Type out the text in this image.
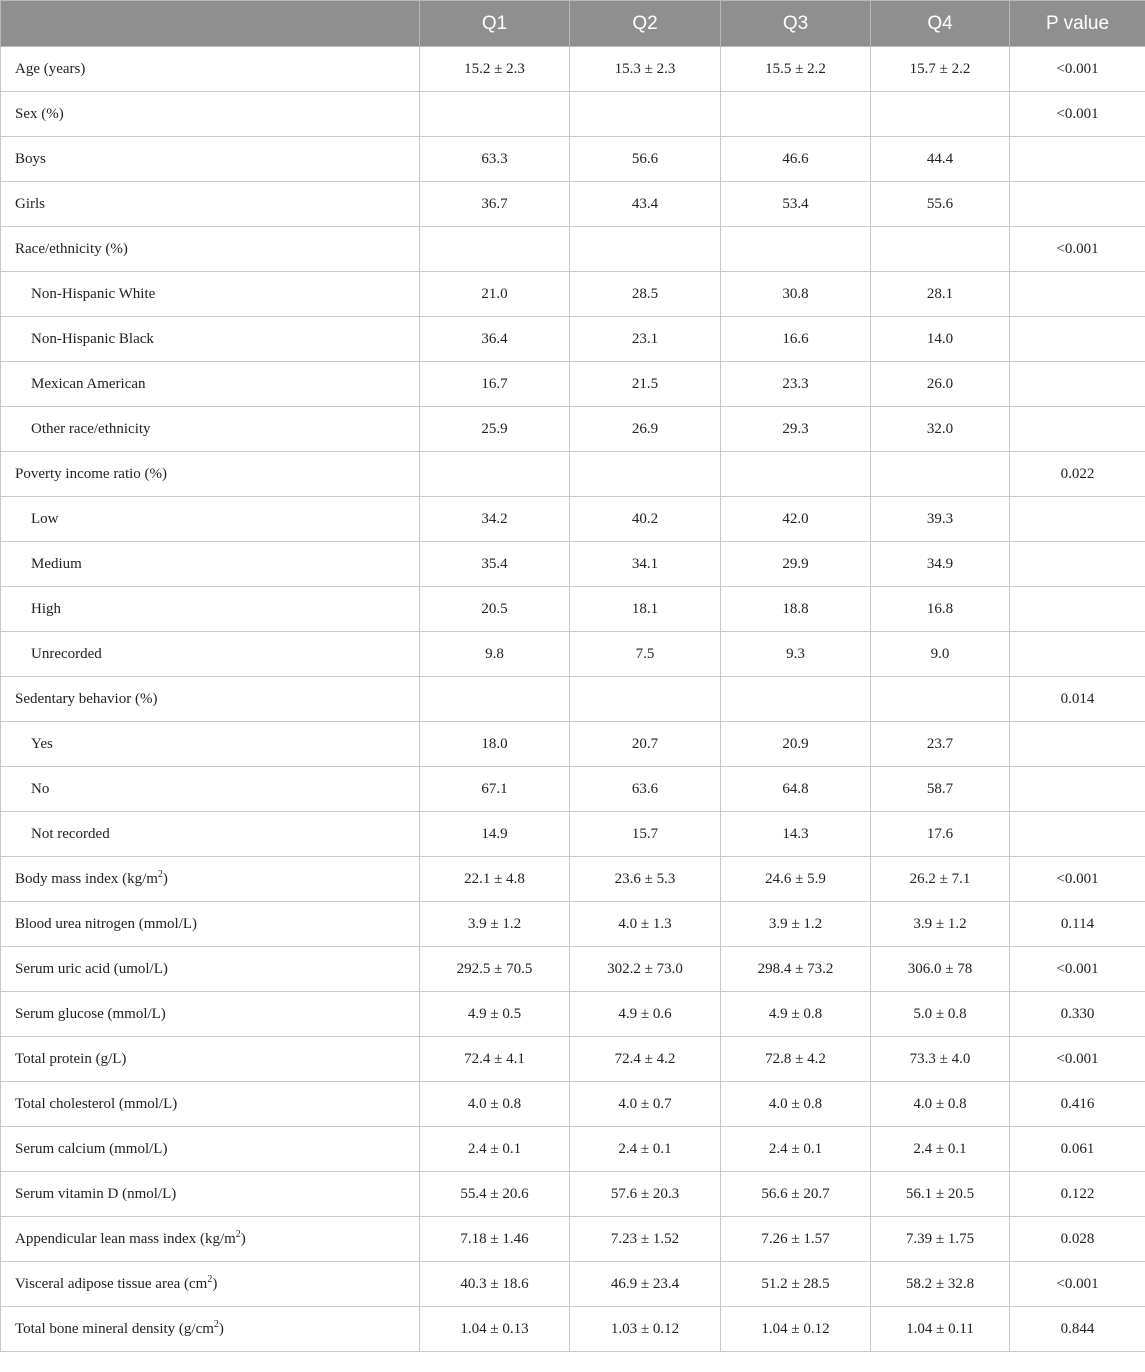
	Q1	Q2	Q3	Q4	P value
Age (years)	15.2 ± 2.3	15.3 ± 2.3	15.5 ± 2.2	15.7 ± 2.2	<0.001
Sex (%)					<0.001
Boys	63.3	56.6	46.6	44.4	
Girls	36.7	43.4	53.4	55.6	
Race/ethnicity (%)					<0.001
Non-Hispanic White	21.0	28.5	30.8	28.1	
Non-Hispanic Black	36.4	23.1	16.6	14.0	
Mexican American	16.7	21.5	23.3	26.0	
Other race/ethnicity	25.9	26.9	29.3	32.0	
Poverty income ratio (%)					0.022
Low	34.2	40.2	42.0	39.3	
Medium	35.4	34.1	29.9	34.9	
High	20.5	18.1	18.8	16.8	
Unrecorded	9.8	7.5	9.3	9.0	
Sedentary behavior (%)					0.014
Yes	18.0	20.7	20.9	23.7	
No	67.1	63.6	64.8	58.7	
Not recorded	14.9	15.7	14.3	17.6	
Body mass index $(kg/m^2)$	22.1 ± 4.8	23.6 ± 5.3	24.6 ± 5.9	26.2 ± 7.1	<0.001
Blood urea nitrogen (mmol/L)	3.9 ± 1.2	4.0 ± 1.3	3.9 ± 1.2	3.9 ± 1.2	0.114
Serum uric acid (umol/L)	292.5 ± 70.5	302.2 ± 73.0	298.4 ± 73.2	306.0 ± 78	<0.001
Serum glucose (mmol/L)	4.9 ± 0.5	4.9 ± 0.6	4.9 ± 0.8	5.0 ± 0.8	0.330
Total protein (g/L)	72.4 ± 4.1	72.4 ± 4.2	72.8 ± 4.2	73.3 ± 4.0	<0.001
Total cholesterol (mmol/L)	4.0 ± 0.8	4.0 ± 0.7	4.0 ± 0.8	4.0 ± 0.8	0.416
Serum calcium (mmol/L)	2.4 ± 0.1	2.4 ± 0.1	2.4 ± 0.1	2.4 ± 0.1	0.061
Serum vitamin D (nmol/L)	55.4 ± 20.6	57.6 ± 20.3	56.6 ± 20.7	56.1 ± 20.5	0.122
Appendicular lean mass index $(kg/m^2)$	7.18 ± 1.46	7.23 ± 1.52	7.26 ± 1.57	7.39 ± 1.75	0.028
Visceral adipose tissue area $(cm^2)$	40.3 ± 18.6	46.9 ± 23.4	51.2 ± 28.5	58.2 ± 32.8	<0.001
Total bone mineral density $(g/cm^2)$	1.04 ± 0.13	1.03 ± 0.12	1.04 ± 0.12	1.04 ± 0.11	0.844
